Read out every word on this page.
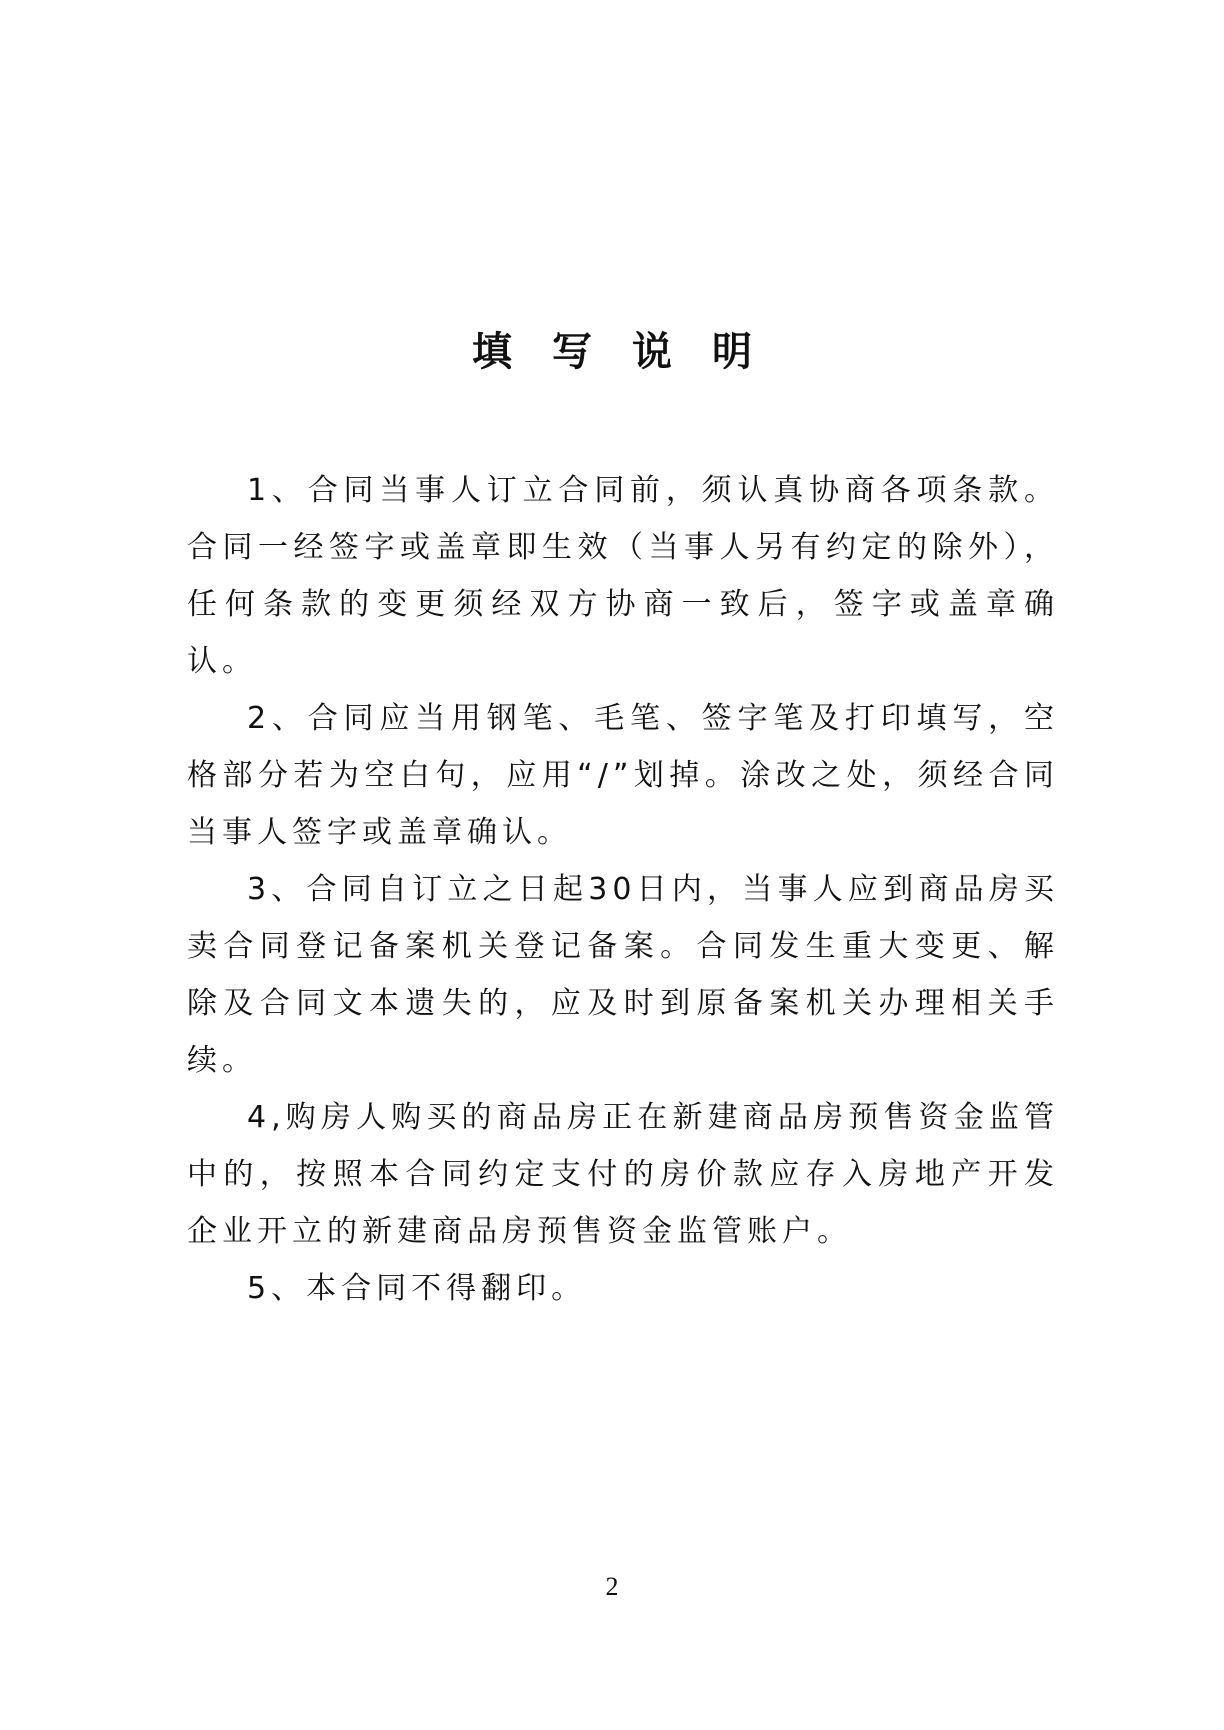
填写说明

1、合同当事人订立合同前，须认真协商各项条款。合同一经签字或盖章即生效（当事人另有约定的除外），任何条款的变更须经双方协商一致后，签字或盖章确认。

2、合同应当用钢笔、毛笔、签字笔及打印填写，空格部分若为空白句，应用“/”划掉。涂改之处，须经合同当事人签字或盖章确认。

3、合同自订立之日起30日内，当事人应到商品房买卖合同登记备案机关登记备案。合同发生重大变更、解除及合同文本遗失的，应及时到原备案机关办理相关手续。

4,购房人购买的商品房正在新建商品房预售资金监管中的，按照本合同约定支付的房价款应存入房地产开发企业开立的新建商品房预售资金监管账户。

5、本合同不得翻印。

2
